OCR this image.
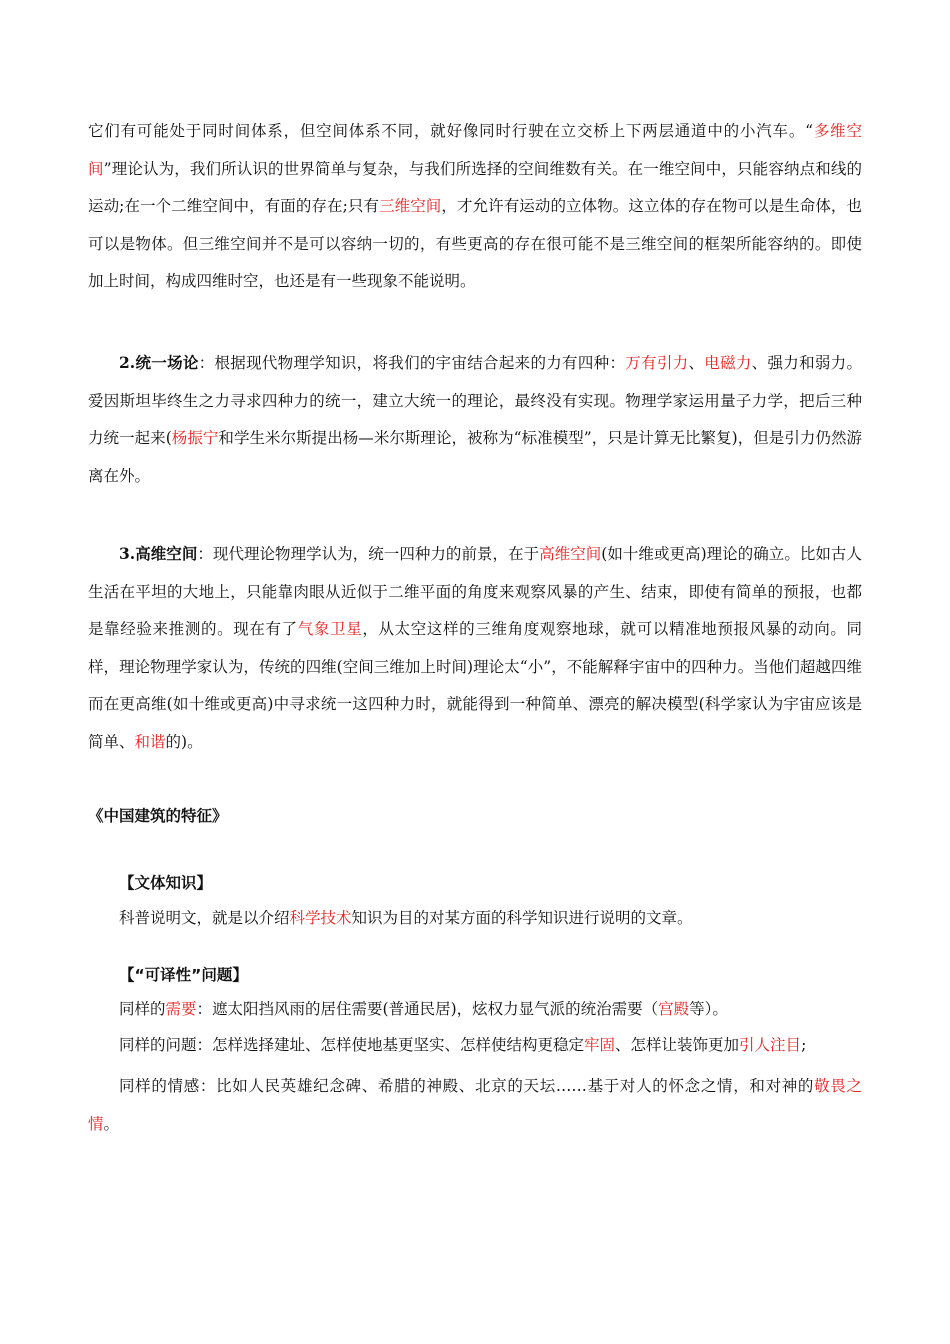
它们有可能处于同时间体系，但空间体系不同，就好像同时行驶在立交桥上下两层通道中的小汽车。“多维空间”理论认为，我们所认识的世界简单与复杂，与我们所选择的空间维数有关。在一维空间中，只能容纳点和线的运动;在一个二维空间中，有面的存在;只有三维空间，才允许有运动的立体物。这立体的存在物可以是生命体，也可以是物体。但三维空间并不是可以容纳一切的，有些更高的存在很可能不是三维空间的框架所能容纳的。即使加上时间，构成四维时空，也还是有一些现象不能说明。

2.统一场论：根据现代物理学知识，将我们的宇宙结合起来的力有四种：万有引力、电磁力、强力和弱力。爱因斯坦毕终生之力寻求四种力的统一，建立大统一的理论，最终没有实现。物理学家运用量子力学，把后三种力统一起来(杨振宁和学生米尔斯提出杨—米尔斯理论，被称为“标准模型”，只是计算无比繁复)，但是引力仍然游离在外。

3.高维空间：现代理论物理学认为，统一四种力的前景，在于高维空间(如十维或更高)理论的确立。比如古人生活在平坦的大地上，只能靠肉眼从近似于二维平面的角度来观察风暴的产生、结束，即使有简单的预报，也都是靠经验来推测的。现在有了气象卫星，从太空这样的三维角度观察地球，就可以精准地预报风暴的动向。同样，理论物理学家认为，传统的四维(空间三维加上时间)理论太“小”，不能解释宇宙中的四种力。当他们超越四维而在更高维(如十维或更高)中寻求统一这四种力时，就能得到一种简单、漂亮的解决模型(科学家认为宇宙应该是简单、和谐的)。

《中国建筑的特征》
【文体知识】

科普说明文，就是以介绍科学技术知识为目的对某方面的科学知识进行说明的文章。

【“可译性”问题】

同样的需要：遮太阳挡风雨的居住需要(普通民居)，炫权力显气派的统治需要（宫殿等）。

同样的问题：怎样选择建址、怎样使地基更坚实、怎样使结构更稳定牢固、怎样让装饰更加引人注目;

同样的情感：比如人民英雄纪念碑、希腊的神殿、北京的天坛……基于对人的怀念之情，和对神的敬畏之情。
